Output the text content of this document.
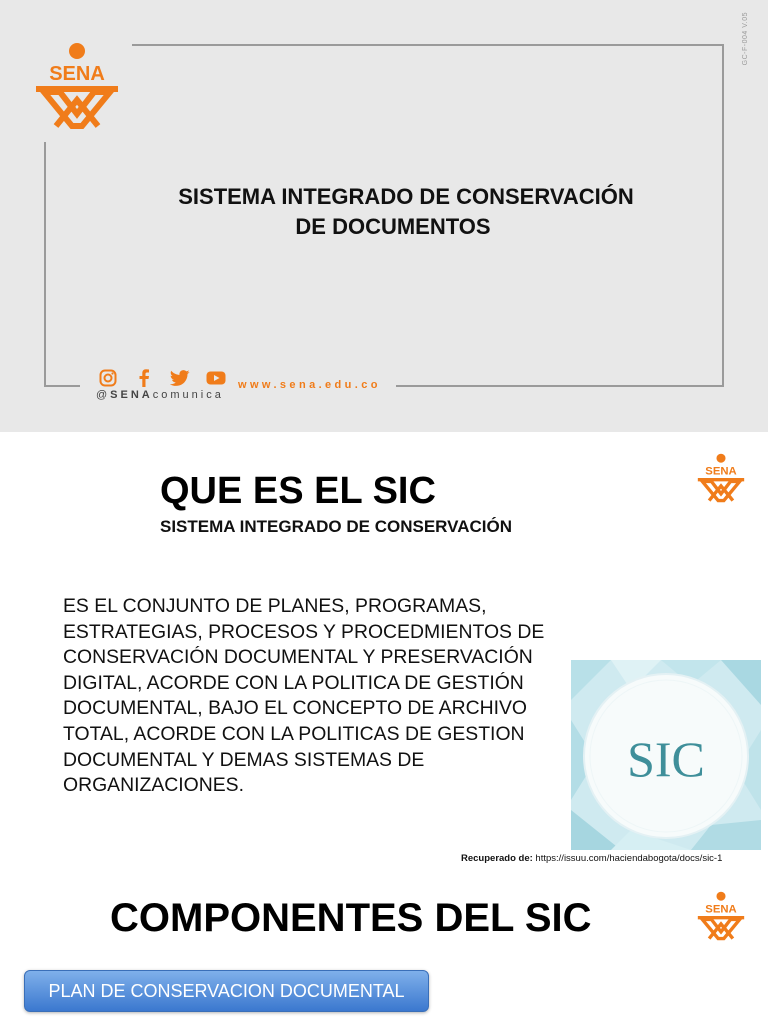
SENA
GC-F-004 V.05
SISTEMA INTEGRADO DE CONSERVACIÓN
DE DOCUMENTOS
@SENAcomunica
www.sena.edu.co
SENA
QUE ES EL SIC
SISTEMA INTEGRADO DE CONSERVACIÓN
ES EL CONJUNTO DE PLANES, PROGRAMAS,
ESTRATEGIAS, PROCESOS Y PROCEDMIENTOS DE
CONSERVACIÓN DOCUMENTAL Y PRESERVACIÓN
DIGITAL, ACORDE CON LA POLITICA DE GESTIÓN
DOCUMENTAL, BAJO EL CONCEPTO DE ARCHIVO
TOTAL, ACORDE CON LA POLITICAS DE GESTION
DOCUMENTAL Y DEMAS SISTEMAS DE
ORGANIZACIONES.	SIC
Recuperado de: https://issuu.com/haciendabogota/docs/sic-1
SENA
COMPONENTES DEL SIC
PLAN DE CONSERVACION DOCUMENTAL
